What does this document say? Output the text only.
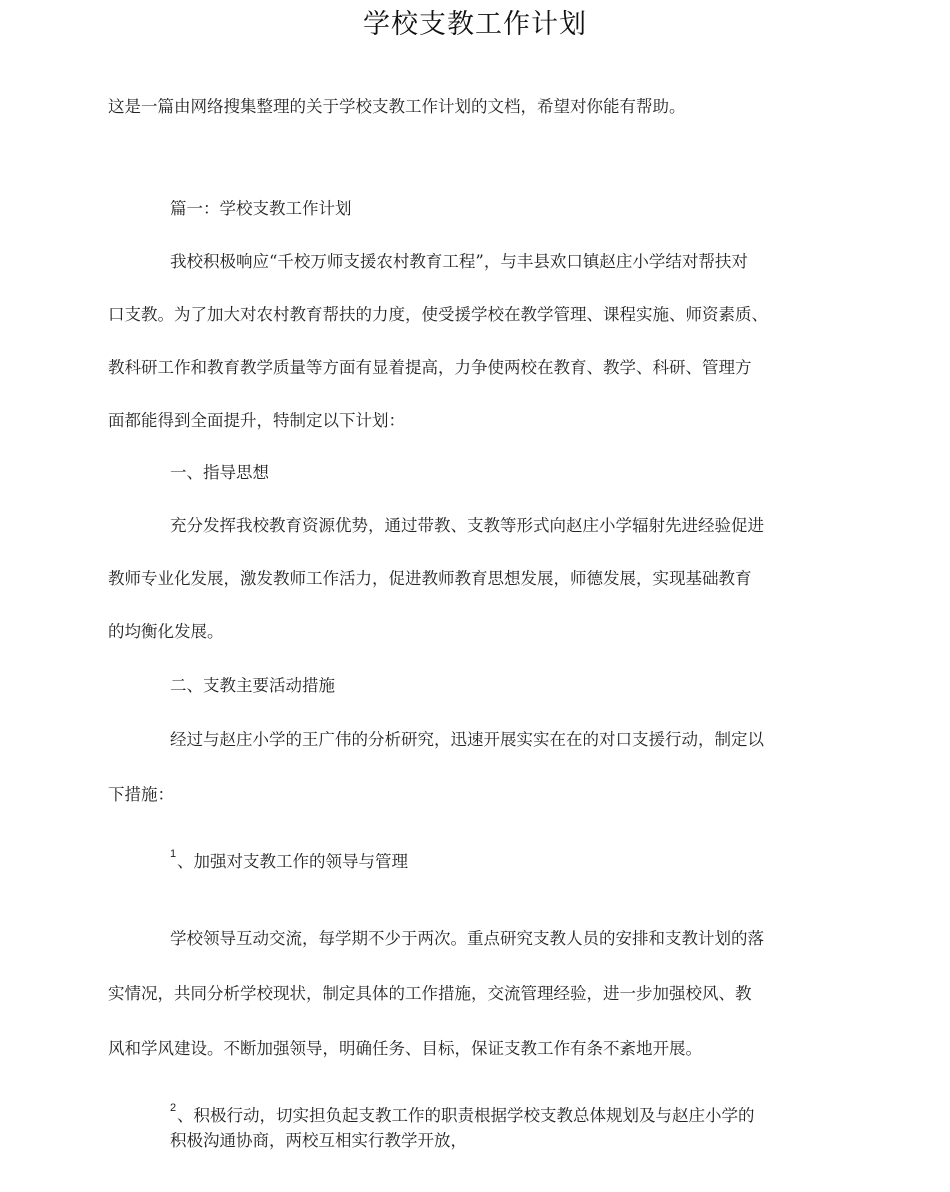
学校支教工作计划

这是一篇由网络搜集整理的关于学校支教工作计划的文档，希望对你能有帮助。

篇一：学校支教工作计划

我校积极响应“千校万师支援农村教育工程”，与丰县欢口镇赵庄小学结对帮扶对

口支教。为了加大对农村教育帮扶的力度，使受援学校在教学管理、课程实施、师资素质、

教科研工作和教育教学质量等方面有显着提高，力争使两校在教育、教学、科研、管理方

面都能得到全面提升，特制定以下计划：

一、指导思想

充分发挥我校教育资源优势，通过带教、支教等形式向赵庄小学辐射先进经验促进

教师专业化发展，激发教师工作活力，促进教师教育思想发展，师德发展，实现基础教育

的均衡化发展。

二、支教主要活动措施

经过与赵庄小学的王广伟的分析研究，迅速开展实实在在的对口支援行动，制定以

下措施：

1 、加强对支教工作的领导与管理

学校领导互动交流，每学期不少于两次。重点研究支教人员的安排和支教计划的落

实情况，共同分析学校现状，制定具体的工作措施，交流管理经验，进一步加强校风、教

风和学风建设。不断加强领导，明确任务、目标，保证支教工作有条不紊地开展。

2 、积极行动，切实担负起支教工作的职责根据学校支教总体规划及与赵庄小学的

积极沟通协商，两校互相实行教学开放，
